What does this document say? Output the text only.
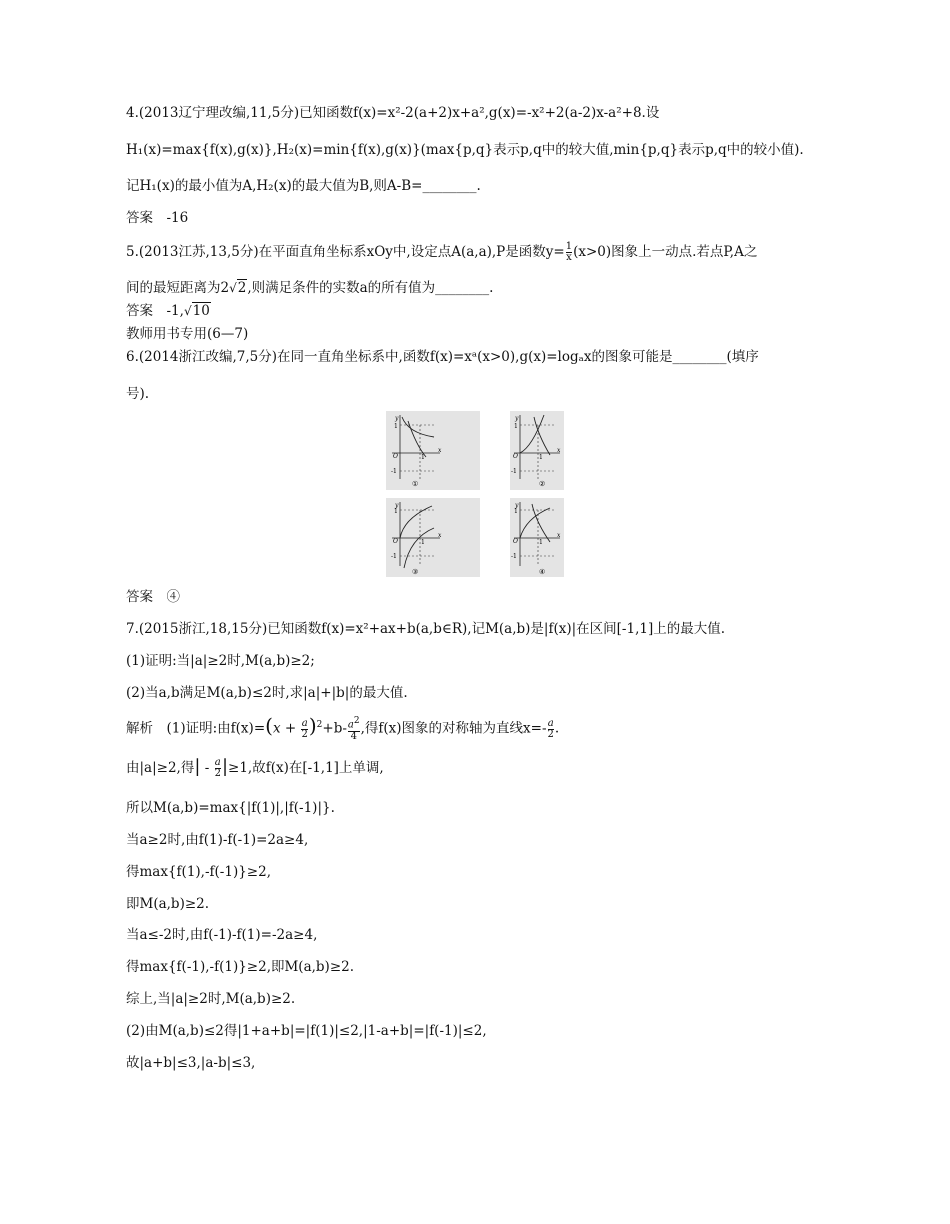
4.(2013辽宁理改编,11,5分)已知函数f(x)=x²-2(a+2)x+a²,g(x)=-x²+2(a-2)x-a²+8.设
H₁(x)=max{f(x),g(x)},H₂(x)=min{f(x),g(x)}(max{p,q}表示p,q中的较大值,min{p,q}表示p,q中的较小值).
记H₁(x)的最小值为A,H₂(x)的最大值为B,则A-B=________.
答案　-16
5.(2013江苏,13,5分)在平面直角坐标系xOy中,设定点A(a,a),P是函数$y= \frac{1}{x} (x>0)$图象上一动点.若点P,A之
间的最短距离为2√2,则满足条件的实数a的所有值为________.
答案　-1,√10
教师用书专用(6—7)
6.(2014浙江改编,7,5分)在同一直角坐标系中,函数f(x)=xᵃ(x>0),g(x)=logₐx的图象可能是________(填序
号).
y
x
O	1
1
-1
①
y
x
O	1
1
-1
②
y
x
O	1
1
-1
③
y
x
O	1
1
-1
④
答案　④
7.(2015浙江,18,15分)已知函数f(x)=x²+ax+b(a,b∈R),记M(a,b)是|f(x)|在区间[-1,1]上的最大值.
(1)证明:当|a|≥2时,M(a,b)≥2;
(2)当a,b满足M(a,b)≤2时,求|a|+|b|的最大值.
解析　(1)证明:由$f(x)=(x + \frac{a}{2} )^2+b- \frac{a^2}{4}$ ,得f(x)图象的对称轴为直线$x=- \frac{a}{2}$ .
由|a|≥2,得| - $\frac{a}{2} |\ge 1$,故f(x)在[-1,1]上单调,
所以M(a,b)=max{|f(1)|,|f(-1)|}.
当a≥2时,由f(1)-f(-1)=2a≥4,
得max{f(1),-f(-1)}≥2,
即M(a,b)≥2.
当a≤-2时,由f(-1)-f(1)=-2a≥4,
得max{f(-1),-f(1)}≥2,即M(a,b)≥2.
综上,当|a|≥2时,M(a,b)≥2.
(2)由M(a,b)≤2得|1+a+b|=|f(1)|≤2,|1-a+b|=|f(-1)|≤2,
故|a+b|≤3,|a-b|≤3,
